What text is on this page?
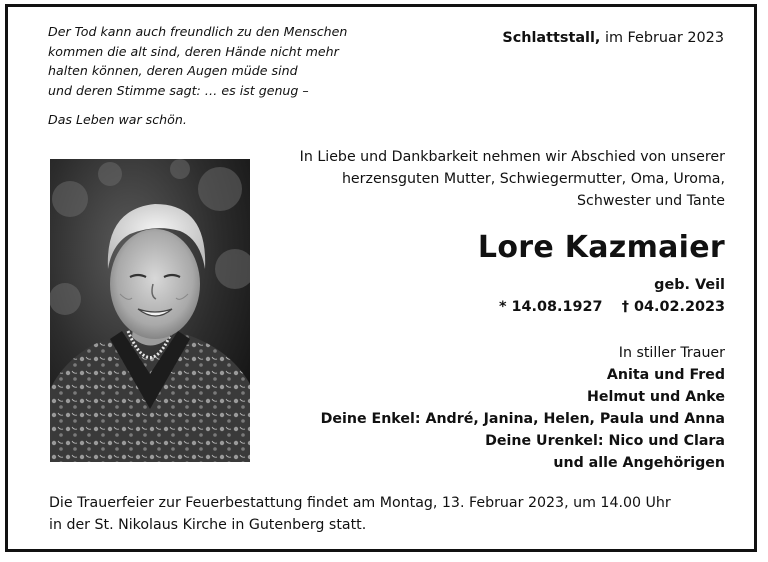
Der Tod kann auch freundlich zu den Menschen
kommen die alt sind, deren Hände nicht mehr
halten können, deren Augen müde sind
und deren Stimme sagt: … es ist genug –
Das Leben war schön.
Schlattstall, im Februar 2023
In Liebe und Dankbarkeit nehmen wir Abschied von unserer
herzensguten Mutter, Schwiegermutter, Oma, Uroma,
Schwester und Tante
Lore Kazmaier
geb. Veil
* 14.08.1927 † 04.02.2023
In stiller Trauer
Anita und Fred
Helmut und Anke
Deine Enkel: André, Janina, Helen, Paula und Anna
Deine Urenkel: Nico und Clara
und alle Angehörigen
Die Trauerfeier zur Feuerbestattung findet am Montag, 13. Februar 2023, um 14.00 Uhr
in der St. Nikolaus Kirche in Gutenberg statt.
